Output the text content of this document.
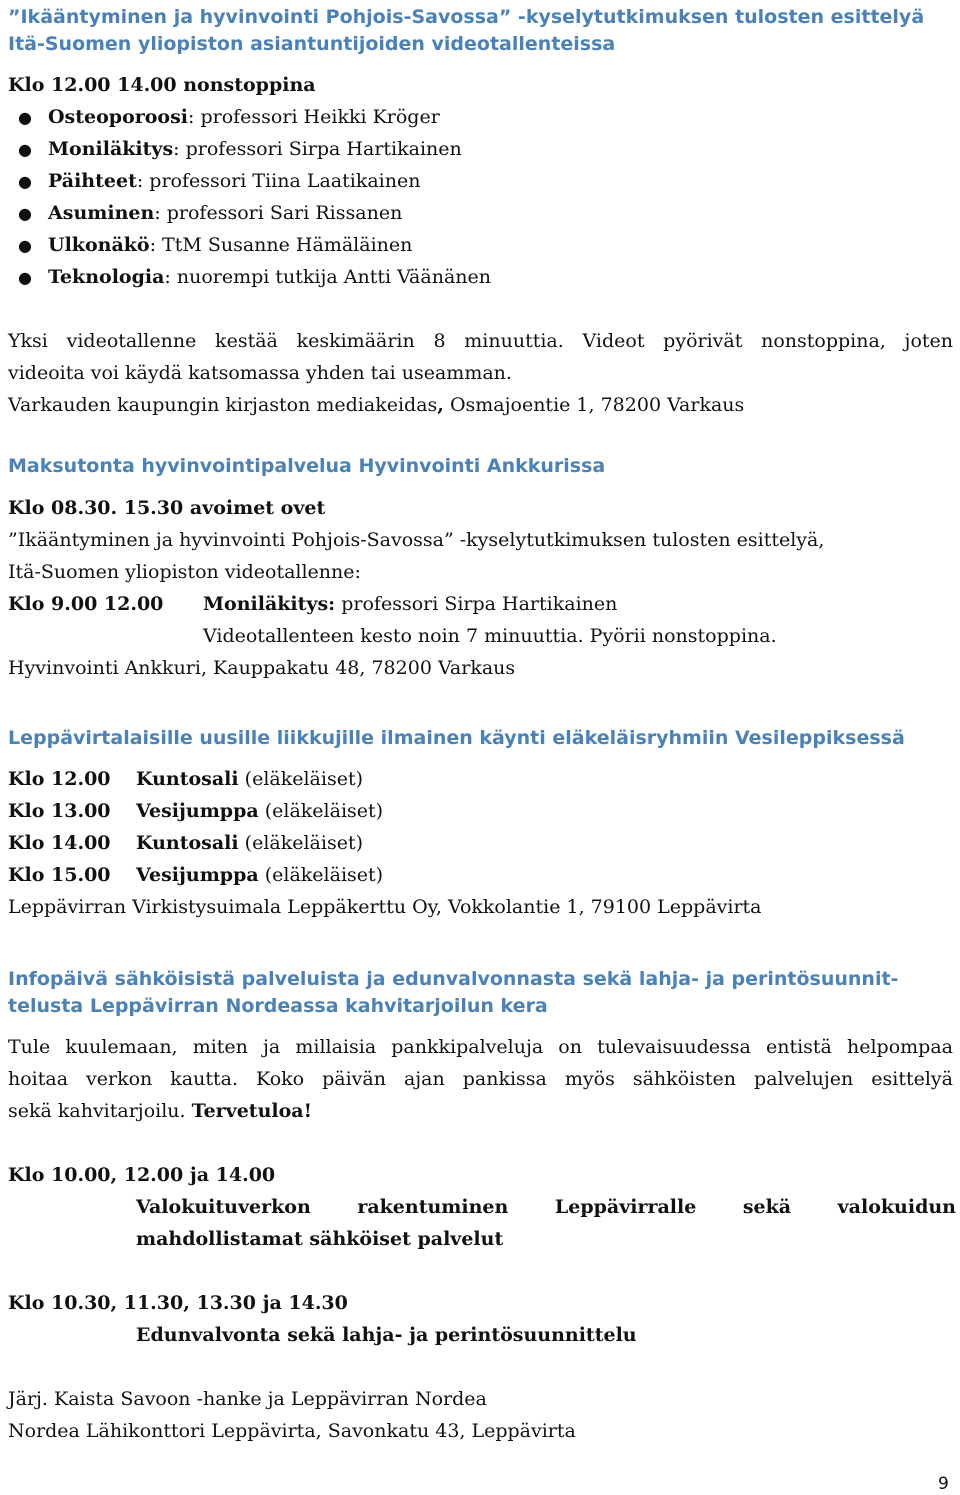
”Ikääntyminen ja hyvinvointi Pohjois-Savossa” -kyselytutkimuksen tulosten esittelyä
Itä-Suomen yliopiston asiantuntijoiden videotallenteissa
Klo 12.00 14.00 nonstoppina
● Osteoporoosi: professori Heikki Kröger
● Moniläkitys: professori Sirpa Hartikainen
● Päihteet: professori Tiina Laatikainen
● Asuminen: professori Sari Rissanen
● Ulkonäkö: TtM Susanne Hämäläinen
● Teknologia: nuorempi tutkija Antti Väänänen
Yksi videotallenne kestää keskimäärin 8 minuuttia. Videot pyörivät nonstoppina, joten
videoita voi käydä katsomassa yhden tai useamman.
Varkauden kaupungin kirjaston mediakeidas, Osmajoentie 1, 78200 Varkaus
Maksutonta hyvinvointipalvelua Hyvinvointi Ankkurissa
Klo 08.30. 15.30 avoimet ovet
”Ikääntyminen ja hyvinvointi Pohjois-Savossa” -kyselytutkimuksen tulosten esittelyä,
Itä-Suomen yliopiston videotallenne:
Klo 9.00 12.00 Moniläkitys: professori Sirpa Hartikainen
Videotallenteen kesto noin 7 minuuttia. Pyörii nonstoppina.
Hyvinvointi Ankkuri, Kauppakatu 48, 78200 Varkaus
Leppävirtalaisille uusille liikkujille ilmainen käynti eläkeläisryhmiin Vesileppiksessä
Klo 12.00 Kuntosali (eläkeläiset)
Klo 13.00 Vesijumppa (eläkeläiset)
Klo 14.00 Kuntosali (eläkeläiset)
Klo 15.00 Vesijumppa (eläkeläiset)
Leppävirran Virkistysuimala Leppäkerttu Oy, Vokkolantie 1, 79100 Leppävirta
Infopäivä sähköisistä palveluista ja edunvalvonnasta sekä lahja- ja perintösuunnit-
telusta Leppävirran Nordeassa kahvitarjoilun kera
Tule kuulemaan, miten ja millaisia pankkipalveluja on tulevaisuudessa entistä helpompaa
hoitaa verkon kautta. Koko päivän ajan pankissa myös sähköisten palvelujen esittelyä
sekä kahvitarjoilu. Tervetuloa!
Klo 10.00, 12.00 ja 14.00
Valokuituverkon rakentuminen Leppävirralle sekä valokuidun
mahdollistamat sähköiset palvelut
Klo 10.30, 11.30, 13.30 ja 14.30
Edunvalvonta sekä lahja- ja perintösuunnittelu
Järj. Kaista Savoon -hanke ja Leppävirran Nordea
Nordea Lähikonttori Leppävirta, Savonkatu 43, Leppävirta
9
